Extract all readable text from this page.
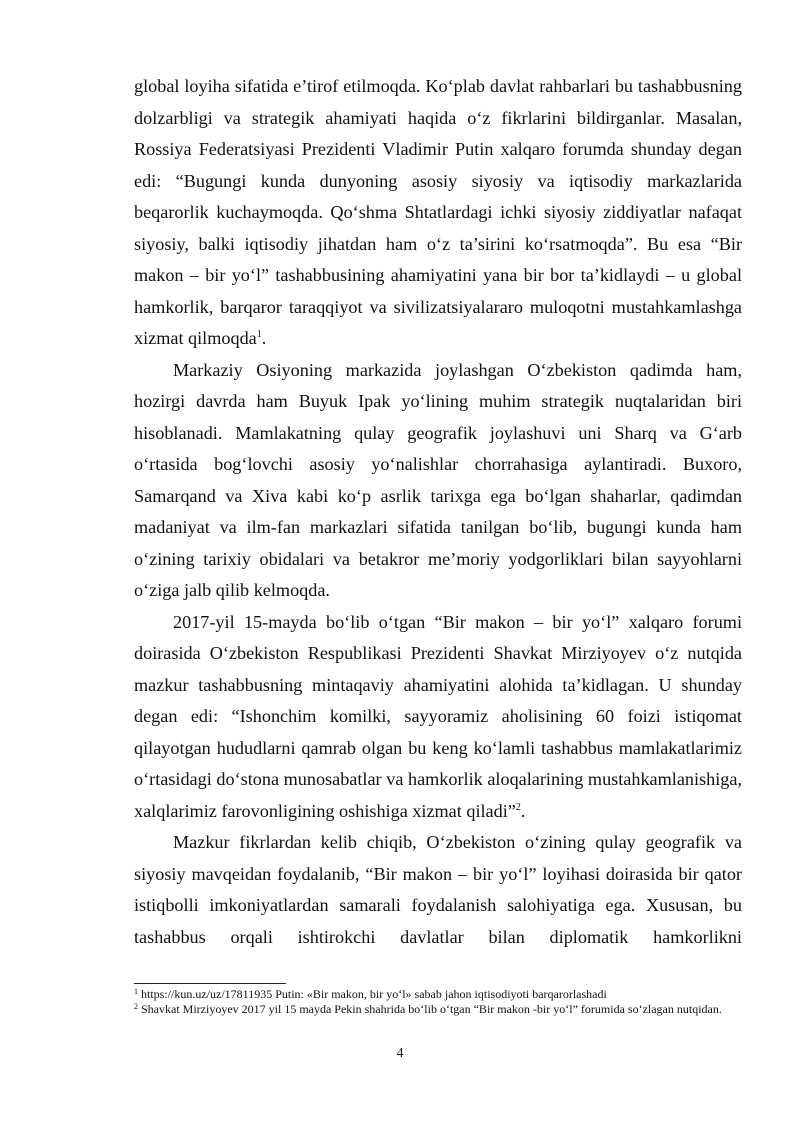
global loyiha sifatida e’tirof etilmoqda. Ko‘plab davlat rahbarlari bu tashabbusning dolzarbligi va strategik ahamiyati haqida o‘z fikrlarini bildirganlar. Masalan, Rossiya Federatsiyasi Prezidenti Vladimir Putin xalqaro forumda shunday degan edi: “Bugungi kunda dunyoning asosiy siyosiy va iqtisodiy markazlarida beqarorlik kuchaymoqda. Qo‘shma Shtatlardagi ichki siyosiy ziddiyatlar nafaqat siyosiy, balki iqtisodiy jihatdan ham o‘z ta’sirini ko‘rsatmoqda”. Bu esa “Bir makon – bir yo‘l” tashabbusining ahamiyatini yana bir bor ta’kidlaydi – u global hamkorlik, barqaror taraqqiyot va sivilizatsiyalararo muloqotni mustahkamlashga xizmat qilmoqda$^1$.

Markaziy Osiyoning markazida joylashgan O‘zbekiston qadimda ham, hozirgi davrda ham Buyuk Ipak yo‘lining muhim strategik nuqtalaridan biri hisoblanadi. Mamlakatning qulay geografik joylashuvi uni Sharq va G‘arb o‘rtasida bog‘lovchi asosiy yo‘nalishlar chorrahasiga aylantiradi. Buxoro, Samarqand va Xiva kabi ko‘p asrlik tarixga ega bo‘lgan shaharlar, qadimdan madaniyat va ilm-fan markazlari sifatida tanilgan bo‘lib, bugungi kunda ham o‘zining tarixiy obidalari va betakror me’moriy yodgorliklari bilan sayyohlarni o‘ziga jalb qilib kelmoqda.

2017-yil 15-mayda bo‘lib o‘tgan “Bir makon – bir yo‘l” xalqaro forumi doirasida O‘zbekiston Respublikasi Prezidenti Shavkat Mirziyoyev o‘z nutqida mazkur tashabbusning mintaqaviy ahamiyatini alohida ta’kidlagan. U shunday degan edi: “Ishonchim komilki, sayyoramiz aholisining 60 foizi istiqomat qilayotgan hududlarni qamrab olgan bu keng ko‘lamli tashabbus mamlakatlarimiz o‘rtasidagi do‘stona munosabatlar va hamkorlik aloqalarining mustahkamlanishiga, xalqlarimiz farovonligining oshishiga xizmat qiladi”$^2$.

Mazkur fikrlardan kelib chiqib, O‘zbekiston o‘zining qulay geografik va siyosiy mavqeidan foydalanib, “Bir makon – bir yo‘l” loyihasi doirasida bir qator istiqbolli imkoniyatlardan samarali foydalanish salohiyatiga ega. Xususan, bu tashabbus orqali ishtirokchi davlatlar bilan diplomatik hamkorlikni

$^1$ https://kun.uz/uz/17811935 Putin: «Bir makon, bir yo‘l» sabab jahon iqtisodiyoti barqarorlashadi

$^2$ Shavkat Mirziyoyev 2017 yil 15 mayda Pekin shahrida bo‘lib o‘tgan “Bir makon -bir yo‘l” forumida so‘zlagan nutqidan.

4
